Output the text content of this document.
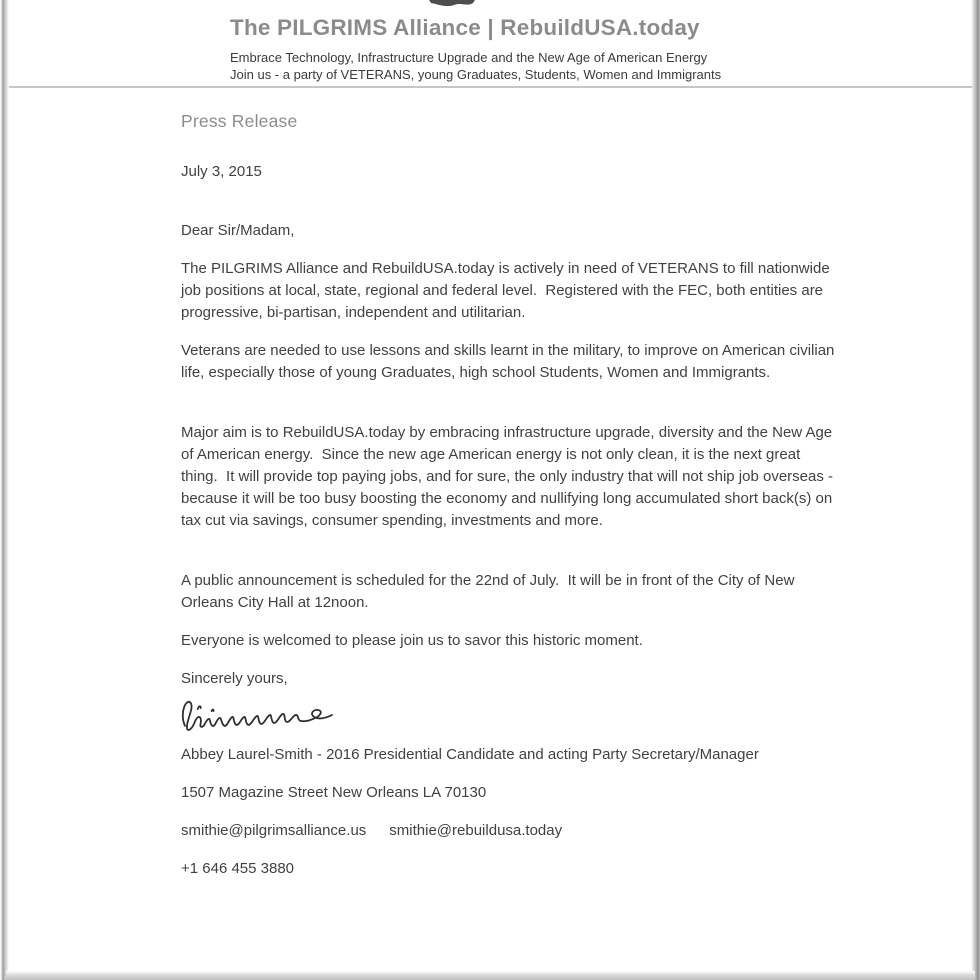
The PILGRIMS Alliance | RebuildUSA.today
Embrace Technology, Infrastructure Upgrade and the New Age of American Energy
Join us - a party of VETERANS, young Graduates, Students, Women and Immigrants
Press Release
July 3, 2015
Dear Sir/Madam,
The PILGRIMS Alliance and RebuildUSA.today is actively in need of VETERANS to fill nationwide job positions at local, state, regional and federal level.  Registered with the FEC, both entities are progressive, bi-partisan, independent and utilitarian.
Veterans are needed to use lessons and skills learnt in the military, to improve on American civilian life, especially those of young Graduates, high school Students, Women and Immigrants.
Major aim is to RebuildUSA.today by embracing infrastructure upgrade, diversity and the New Age of American energy.  Since the new age American energy is not only clean, it is the next great thing.  It will provide top paying jobs, and for sure, the only industry that will not ship job overseas - because it will be too busy boosting the economy and nullifying long accumulated short back(s) on tax cut via savings, consumer spending, investments and more.
A public announcement is scheduled for the 22nd of July.  It will be in front of the City of New Orleans City Hall at 12noon.
Everyone is welcomed to please join us to savor this historic moment.
Sincerely yours,
Abbey Laurel-Smith - 2016 Presidential Candidate and acting Party Secretary/Manager
1507 Magazine Street New Orleans LA 70130
smithie@pilgrimsalliance.us smithie@rebuildusa.today
+1 646 455 3880
